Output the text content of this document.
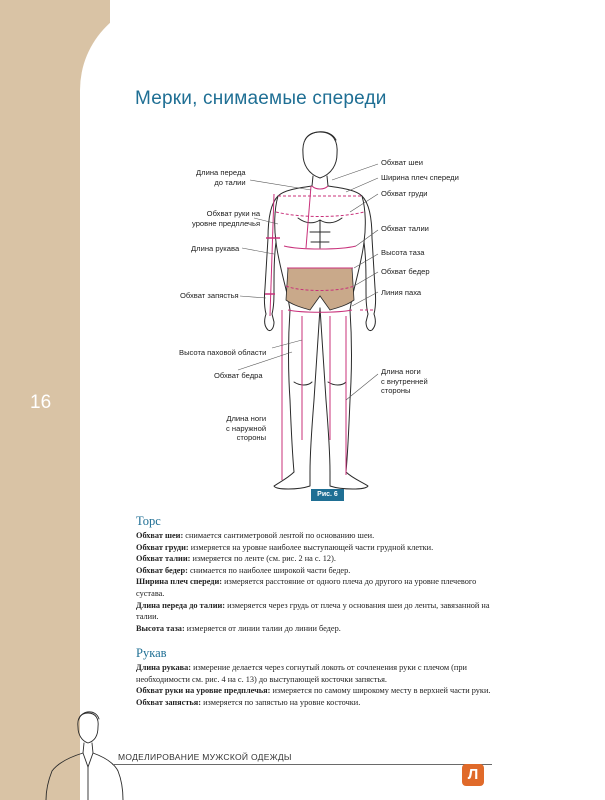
16
Мерки, снимаемые спереди
Длина переда
до талии
Обхват руки на
уровне предплечья
Длина рукава
Обхват запястья
Высота паховой области
Обхват бедра
Длина ноги
с наружной
стороны
Обхват шеи
Ширина плеч спереди
Обхват груди
Обхват талии
Высота таза
Обхват бедер
Линия паха
Длина ноги
с внутренней
стороны
Рис. 6
Торс

Обхват шеи: снимается сантиметровой лентой по основанию шеи.

Обхват груди: измеряется на уровне наиболее выступающей части грудной клетки.

Обхват талии: измеряется по ленте (см. рис. 2 на с. 12).

Обхват бедер: снимается по наиболее широкой части бедер.

Ширина плеч спереди: измеряется расстояние от одного плеча до другого на уровне плечевого сустава.

Длина переда до талии: измеряется через грудь от плеча у основания шеи до ленты, завязанной на талии.

Высота таза: измеряется от линии талии до линии бедер.

Рукав

Длина рукава: измерение делается через согнутый локоть от сочленения руки с плечом (при необходимости см. рис. 4 на с. 13) до выступающей косточки запястья.

Обхват руки на уровне предплечья: измеряется по самому широкому месту в верхней части руки.

Обхват запястья: измеряется по запястью на уровне косточки.

МОДЕЛИРОВАНИЕ МУЖСКОЙ ОДЕЖДЫ
Л
